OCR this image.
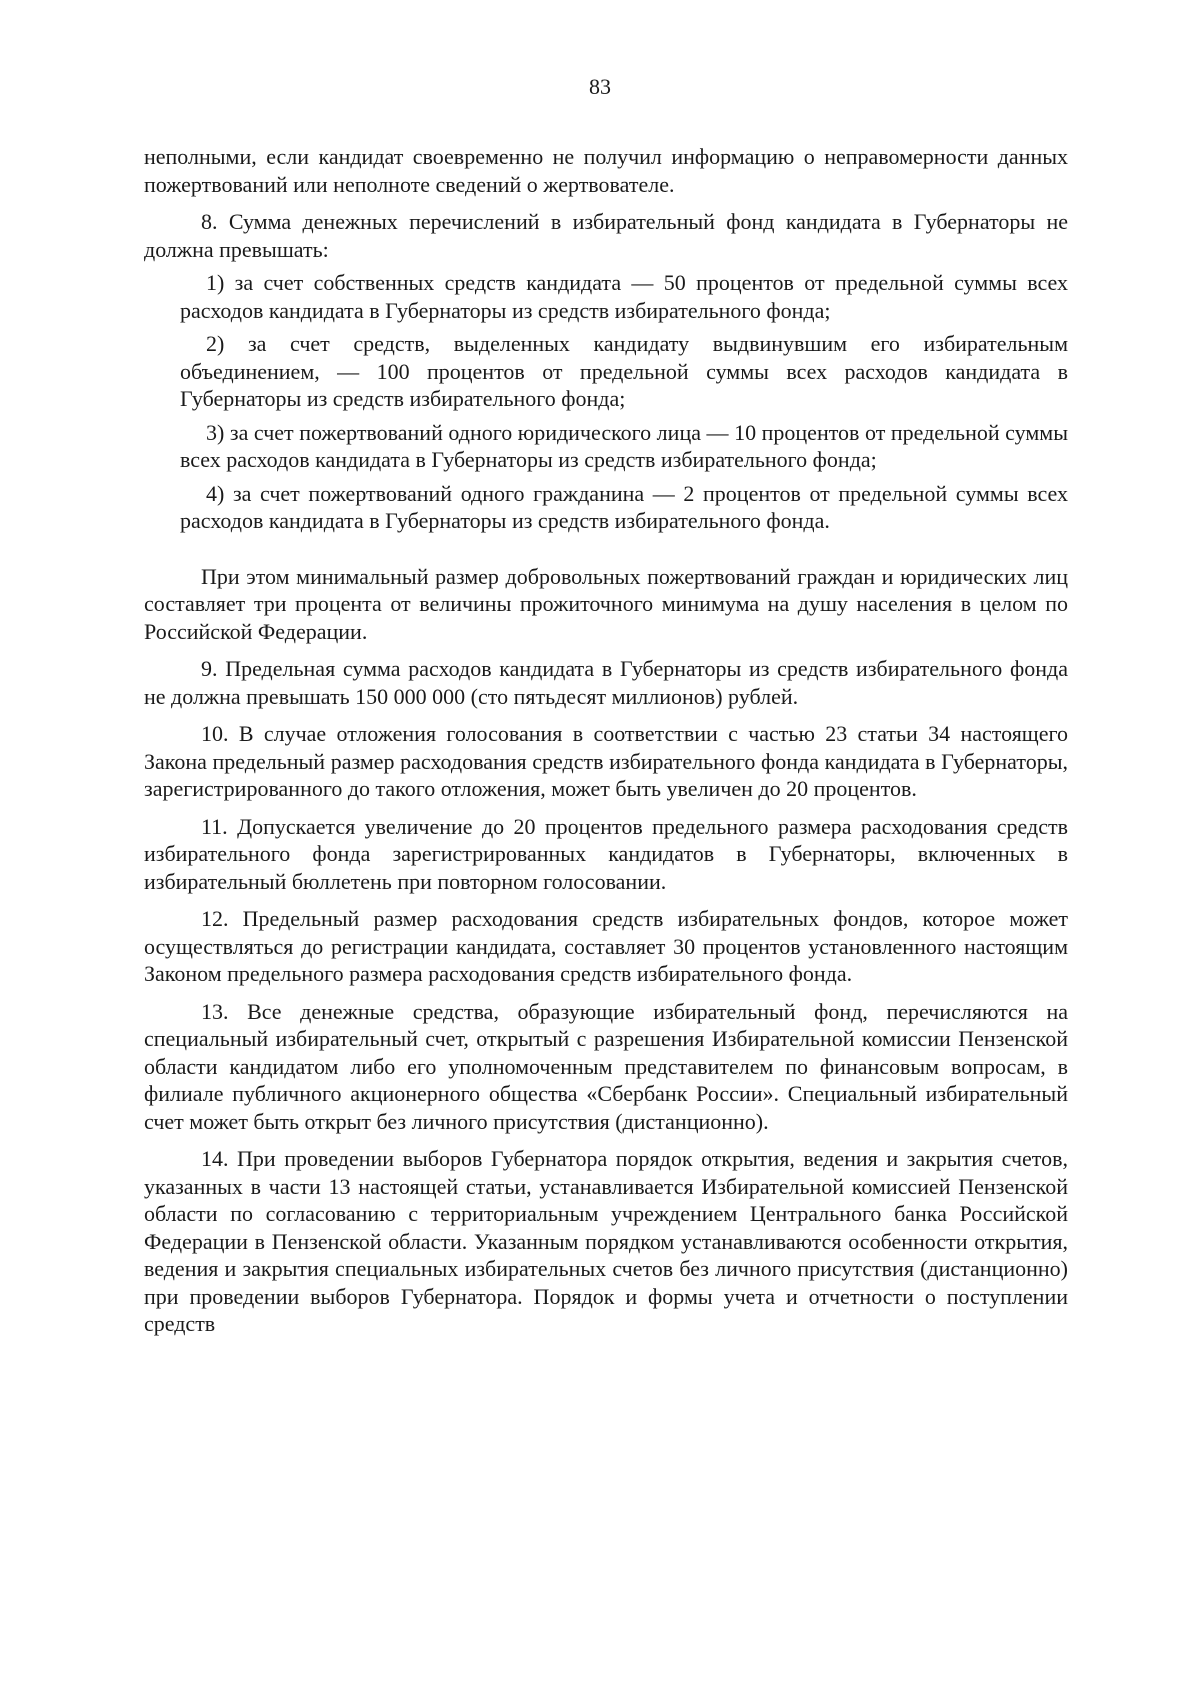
83

неполными, если кандидат своевременно не получил информацию о неправомерности данных пожертвований или неполноте сведений о жертвователе.

8. Сумма денежных перечислений в избирательный фонд кандидата в Губернаторы не должна превышать:

1) за счет собственных средств кандидата — 50 процентов от предельной суммы всех расходов кандидата в Губернаторы из средств избирательного фонда;

2) за счет средств, выделенных кандидату выдвинувшим его избирательным объединением, — 100 процентов от предельной суммы всех расходов кандидата в Губернаторы из средств избирательного фонда;

3) за счет пожертвований одного юридического лица — 10 процентов от предельной суммы всех расходов кандидата в Губернаторы из средств избирательного фонда;

4) за счет пожертвований одного гражданина — 2 процентов от предельной суммы всех расходов кандидата в Губернаторы из средств избирательного фонда.

При этом минимальный размер добровольных пожертвований граждан и юридических лиц составляет три процента от величины прожиточного минимума на душу населения в целом по Российской Федерации.

9. Предельная сумма расходов кандидата в Губернаторы из средств избирательного фонда не должна превышать 150 000 000 (сто пятьдесят миллионов) рублей.

10. В случае отложения голосования в соответствии с частью 23 статьи 34 настоящего Закона предельный размер расходования средств избирательного фонда кандидата в Губернаторы, зарегистрированного до такого отложения, может быть увеличен до 20 процентов.

11. Допускается увеличение до 20 процентов предельного размера расходования средств избирательного фонда зарегистрированных кандидатов в Губернаторы, включенных в избирательный бюллетень при повторном голосовании.

12. Предельный размер расходования средств избирательных фондов, которое может осуществляться до регистрации кандидата, составляет 30 процентов установленного настоящим Законом предельного размера расходования средств избирательного фонда.

13. Все денежные средства, образующие избирательный фонд, перечисляются на специальный избирательный счет, открытый с разрешения Избирательной комиссии Пензенской области кандидатом либо его уполномоченным представителем по финансовым вопросам, в филиале публичного акционерного общества «Сбербанк России». Специальный избирательный счет может быть открыт без личного присутствия (дистанционно).

14. При проведении выборов Губернатора порядок открытия, ведения и закрытия счетов, указанных в части 13 настоящей статьи, устанавливается Избирательной комиссией Пензенской области по согласованию с территориальным учреждением Центрального банка Российской Федерации в Пензенской области. Указанным порядком устанавливаются особенности открытия, ведения и закрытия специальных избирательных счетов без личного присутствия (дистанционно) при проведении выборов Губернатора. Порядок и формы учета и отчетности о поступлении средств
